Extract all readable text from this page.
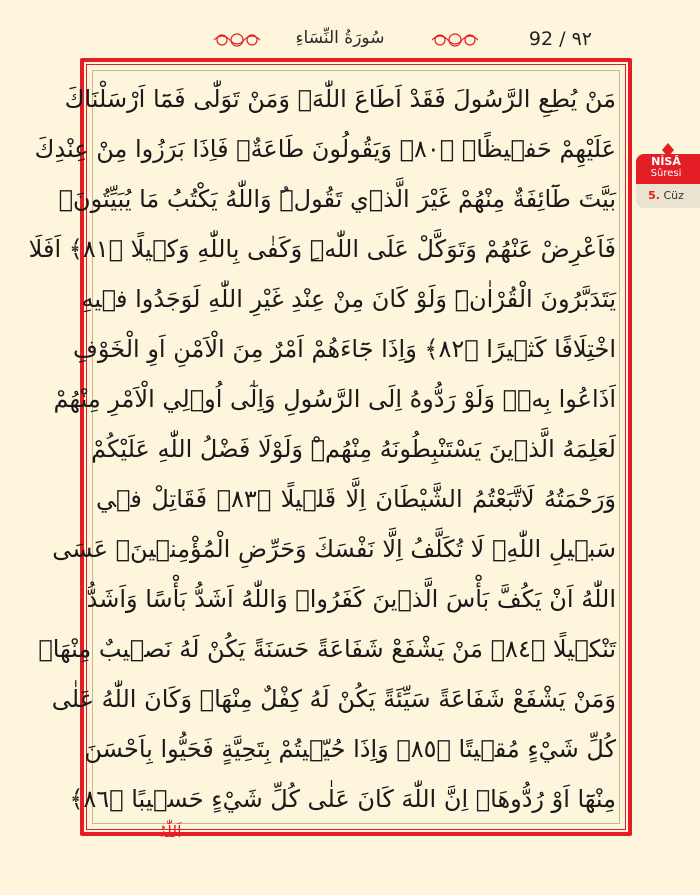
سُورَةُ النِّسَاءِ	92 / ٩٢
مَنْ يُطِعِ الرَّسُولَ فَقَدْ اَطَاعَ اللّٰهَۚ وَمَنْ تَوَلّٰى فَمَٓا اَرْسَلْنَاكَ
عَلَيْهِمْ حَف۪يظًاۜ ﴿٨٠﴾ وَيَقُولُونَ طَاعَةٌۘ فَاِذَا بَرَزُوا مِنْ عِنْدِكَ
بَيَّتَ طَٓائِفَةٌ مِنْهُمْ غَيْرَ الَّذ۪ي تَقُولُۜ وَاللّٰهُ يَكْتُبُ مَا يُبَيِّتُونَۚ
فَاَعْرِضْ عَنْهُمْ وَتَوَكَّلْ عَلَى اللّٰهِۜ وَكَفٰى بِاللّٰهِ وَك۪يلًا ﴿٨١﴾ اَفَلَا
يَتَدَبَّرُونَ الْقُرْاٰنَۜ وَلَوْ كَانَ مِنْ عِنْدِ غَيْرِ اللّٰهِ لَوَجَدُوا ف۪يهِ
اخْتِلَافًا كَث۪يرًا ﴿٨٢﴾ وَاِذَا جَٓاءَهُمْ اَمْرٌ مِنَ الْاَمْنِ اَوِ الْخَوْفِ
اَذَاعُوا بِه۪ۜ وَلَوْ رَدُّوهُ اِلَى الرَّسُولِ وَاِلٰٓى اُو۬لِي الْاَمْرِ مِنْهُمْ
لَعَلِمَهُ الَّذ۪ينَ يَسْتَنْبِطُونَهُ مِنْهُمْۜ وَلَوْلَا فَضْلُ اللّٰهِ عَلَيْكُمْ
وَرَحْمَتُهُ لَاتَّبَعْتُمُ الشَّيْطَانَ اِلَّا قَل۪يلًا ﴿٨٣﴾ فَقَاتِلْ ف۪ي
سَب۪يلِ اللّٰهِۚ لَا تُكَلَّفُ اِلَّا نَفْسَكَ وَحَرِّضِ الْمُؤْمِن۪ينَۚ عَسَى
اللّٰهُ اَنْ يَكُفَّ بَأْسَ الَّذ۪ينَ كَفَرُواۜ وَاللّٰهُ اَشَدُّ بَأْسًا وَاَشَدُّ
تَنْك۪يلًا ﴿٨٤﴾ مَنْ يَشْفَعْ شَفَاعَةً حَسَنَةً يَكُنْ لَهُ نَص۪يبٌ مِنْهَاۚ
وَمَنْ يَشْفَعْ شَفَاعَةً سَيِّئَةً يَكُنْ لَهُ كِفْلٌ مِنْهَاۜ وَكَانَ اللّٰهُ عَلٰى
كُلِّ شَيْءٍ مُق۪يتًا ﴿٨٥﴾ وَاِذَا حُيّ۪يتُمْ بِتَحِيَّةٍ فَحَيُّوا بِاَحْسَنَ
مِنْهَٓا اَوْ رُدُّوهَاۜ اِنَّ اللّٰهَ كَانَ عَلٰى كُلِّ شَيْءٍ حَس۪يبًا ﴿٨٦﴾
اَللّٰهُ
NİSÂ
Sûresi
5. Cüz
